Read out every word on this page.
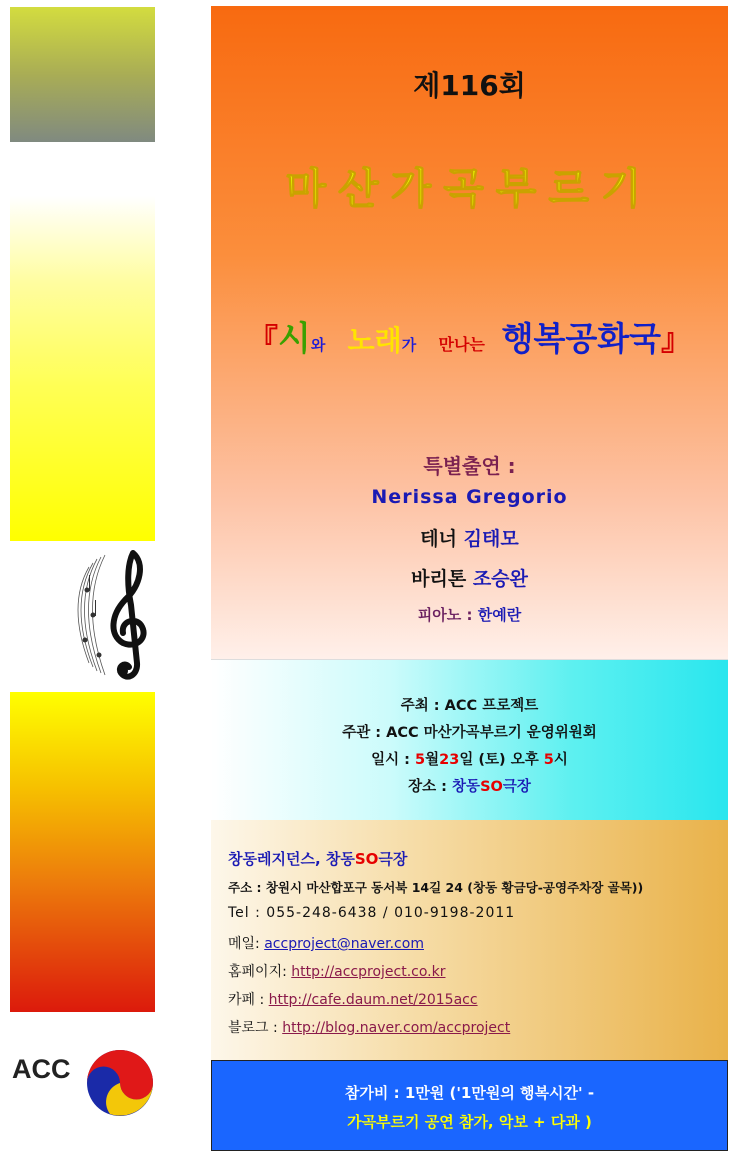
ACC
제116회
마산가곡부르기
『시와 노래가 만나는 행복공화국』
특별출연 :
Nerissa Gregorio
테너 김태모
바리톤 조승완
피아노 : 한예란
주최 : ACC 프로젝트
주관 : ACC 마산가곡부르기 운영위원회
일시 : 5월23일 (토) 오후 5시
장소 : 창동SO극장
창동레지던스, 창동SO극장
주소 : 창원시 마산합포구 동서북 14길 24 (창동 황금당-공영주차장 골목))
Tel : 055-248-6438 / 010-9198-2011
메일: accproject@naver.com
홈페이지: http://accproject.co.kr
카페 : http://cafe.daum.net/2015acc
블로그 : http://blog.naver.com/accproject
참가비 : 1만원 ('1만원의 행복시간' -
가곡부르기 공연 참가, 악보 + 다과 )
